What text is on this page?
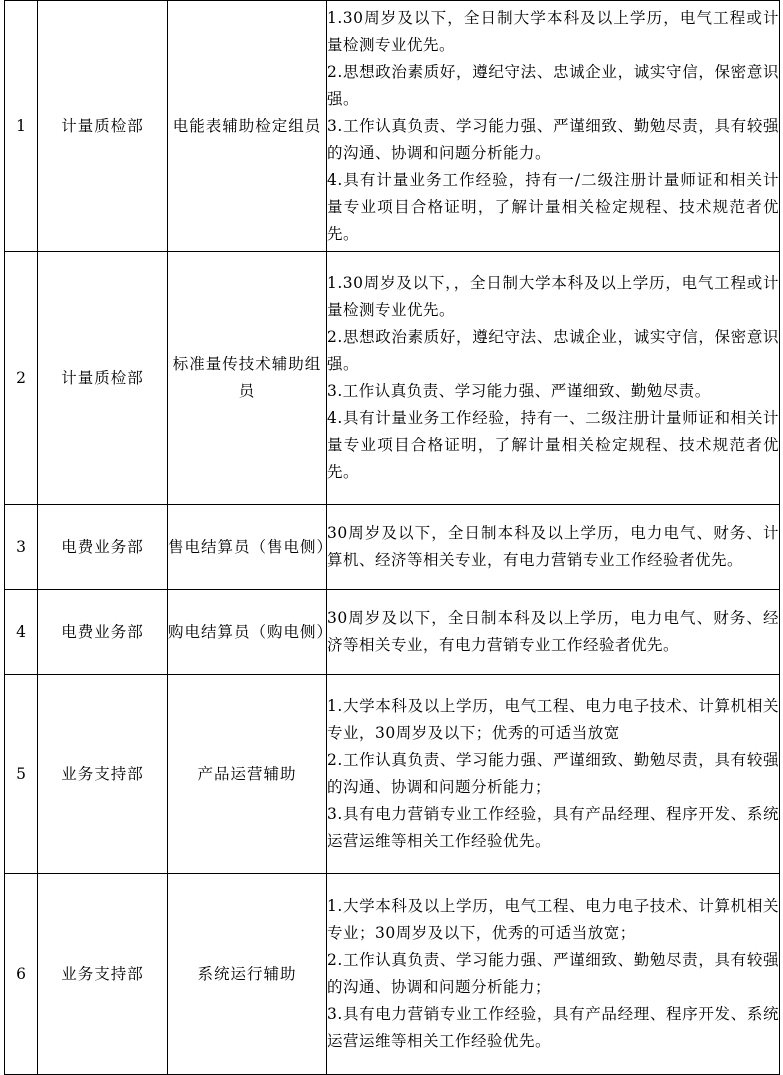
1	计量质检部	电能表辅助检定组员	1.30周岁及以下，全日制大学本科及以上学历，电气工程或计量检测专业优先。
2.思想政治素质好，遵纪守法、忠诚企业，诚实守信，保密意识强。
3.工作认真负责、学习能力强、严谨细致、勤勉尽责，具有较强的沟通、协调和问题分析能力。
4.具有计量业务工作经验，持有一/二级注册计量师证和相关计量专业项目合格证明，了解计量相关检定规程、技术规范者优先。

2	计量质检部	标准量传技术辅助组员	1.30周岁及以下，，全日制大学本科及以上学历，电气工程或计量检测专业优先。
2.思想政治素质好，遵纪守法、忠诚企业，诚实守信，保密意识强。
3.工作认真负责、学习能力强、严谨细致、勤勉尽责。
4.具有计量业务工作经验，持有一、二级注册计量师证和相关计量专业项目合格证明，了解计量相关检定规程、技术规范者优先。

3	电费业务部	售电结算员（售电侧）	30周岁及以下，全日制本科及以上学历，电力电气、财务、计算机、经济等相关专业，有电力营销专业工作经验者优先。

4	电费业务部	购电结算员（购电侧）	30周岁及以下，全日制本科及以上学历，电力电气、财务、经济等相关专业，有电力营销专业工作经验者优先。

5	业务支持部	产品运营辅助	1.大学本科及以上学历，电气工程、电力电子技术、计算机相关专业，30周岁及以下；优秀的可适当放宽
2.工作认真负责、学习能力强、严谨细致、勤勉尽责，具有较强的沟通、协调和问题分析能力；
3.具有电力营销专业工作经验，具有产品经理、程序开发、系统运营运维等相关工作经验优先。

6	业务支持部	系统运行辅助	1.大学本科及以上学历，电气工程、电力电子技术、计算机相关专业；30周岁及以下，优秀的可适当放宽；
2.工作认真负责、学习能力强、严谨细致、勤勉尽责，具有较强的沟通、协调和问题分析能力；
3.具有电力营销专业工作经验，具有产品经理、程序开发、系统运营运维等相关工作经验优先。
